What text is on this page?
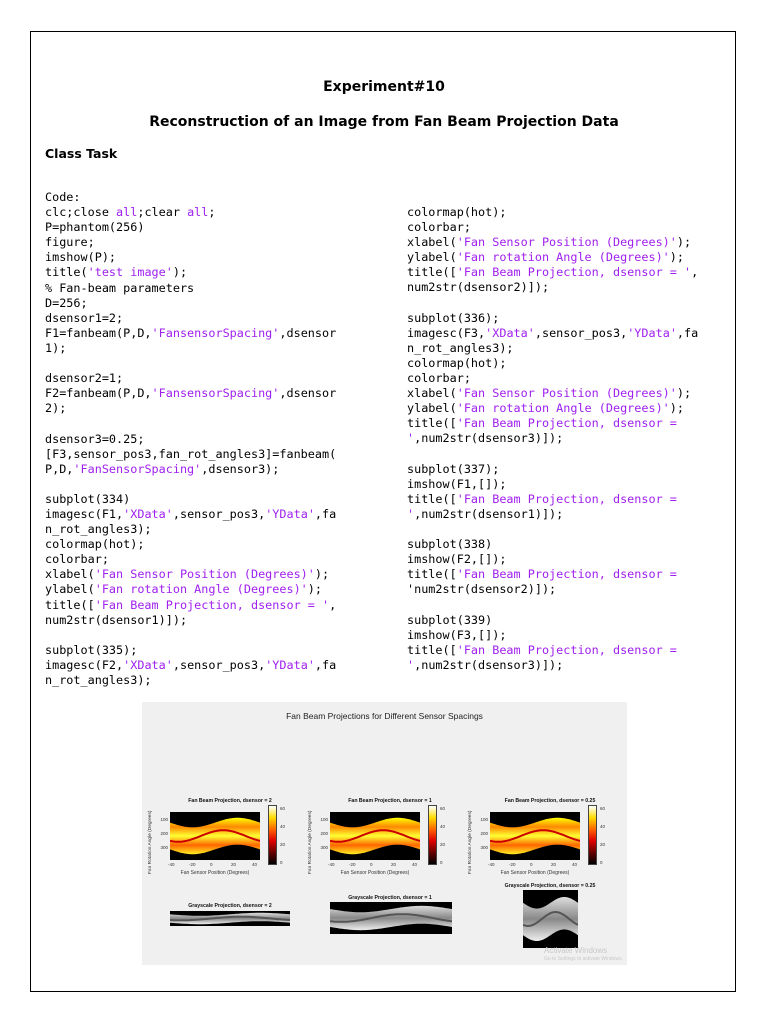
Experiment#10
Reconstruction of an Image from Fan Beam Projection Data
Class Task
Code:
clc;close all;clear all;
P=phantom(256)
figure;
imshow(P);
title('test image');
% Fan-beam parameters
D=256;
dsensor1=2;
F1=fanbeam(P,D,'FansensorSpacing',dsensor
1);
dsensor2=1;
F2=fanbeam(P,D,'FansensorSpacing',dsensor
2);
dsensor3=0.25;
[F3,sensor_pos3,fan_rot_angles3]=fanbeam(
P,D,'FanSensorSpacing',dsensor3);
subplot(334)
imagesc(F1,'XData',sensor_pos3,'YData',fa
n_rot_angles3);
colormap(hot);
colorbar;
xlabel('Fan Sensor Position (Degrees)');
ylabel('Fan rotation Angle (Degrees)');
title(['Fan Beam Projection, dsensor = ',
num2str(dsensor1)]);
subplot(335);
imagesc(F2,'XData',sensor_pos3,'YData',fa
n_rot_angles3);
colormap(hot);
colorbar;
xlabel('Fan Sensor Position (Degrees)');
ylabel('Fan rotation Angle (Degrees)');
title(['Fan Beam Projection, dsensor = ',
num2str(dsensor2)]);
subplot(336);
imagesc(F3,'XData',sensor_pos3,'YData',fa
n_rot_angles3);
colormap(hot);
colorbar;
xlabel('Fan Sensor Position (Degrees)');
ylabel('Fan rotation Angle (Degrees)');
title(['Fan Beam Projection, dsensor =
',num2str(dsensor3)]);
subplot(337);
imshow(F1,[]);
title(['Fan Beam Projection, dsensor =
',num2str(dsensor1)]);
subplot(338)
imshow(F2,[]);
title(['Fan Beam Projection, dsensor =
'num2str(dsensor2)]);
subplot(339)
imshow(F3,[]);
title(['Fan Beam Projection, dsensor =
',num2str(dsensor3)]);
Fan Beam Projections for Different Sensor Spacings
Fan Beam Projection, dsensor = 2	Fan Beam Projection, dsensor = 1	Fan Beam Projection, dsensor = 0.25
60
40
20
0
-40	-20	0	20	40
100
200
300
Fan Sensor Position (Degrees)
Fan Rotation Angle (Degrees)
60
40
20
0
-40	-20	0	20	40
100
200
300
Fan Sensor Position (Degrees)
Fan Rotation Angle (Degrees)
60
40
20
0
-40	-20	0	20	40
100
200
300
Fan Sensor Position (Degrees)
Fan Rotation Angle (Degrees)
Grayscale Projection, dsensor = 2
Grayscale Projection, dsensor = 1
Grayscale Projection, dsensor = 0.25
Activate Windows
Go to Settings to activate Windows.
